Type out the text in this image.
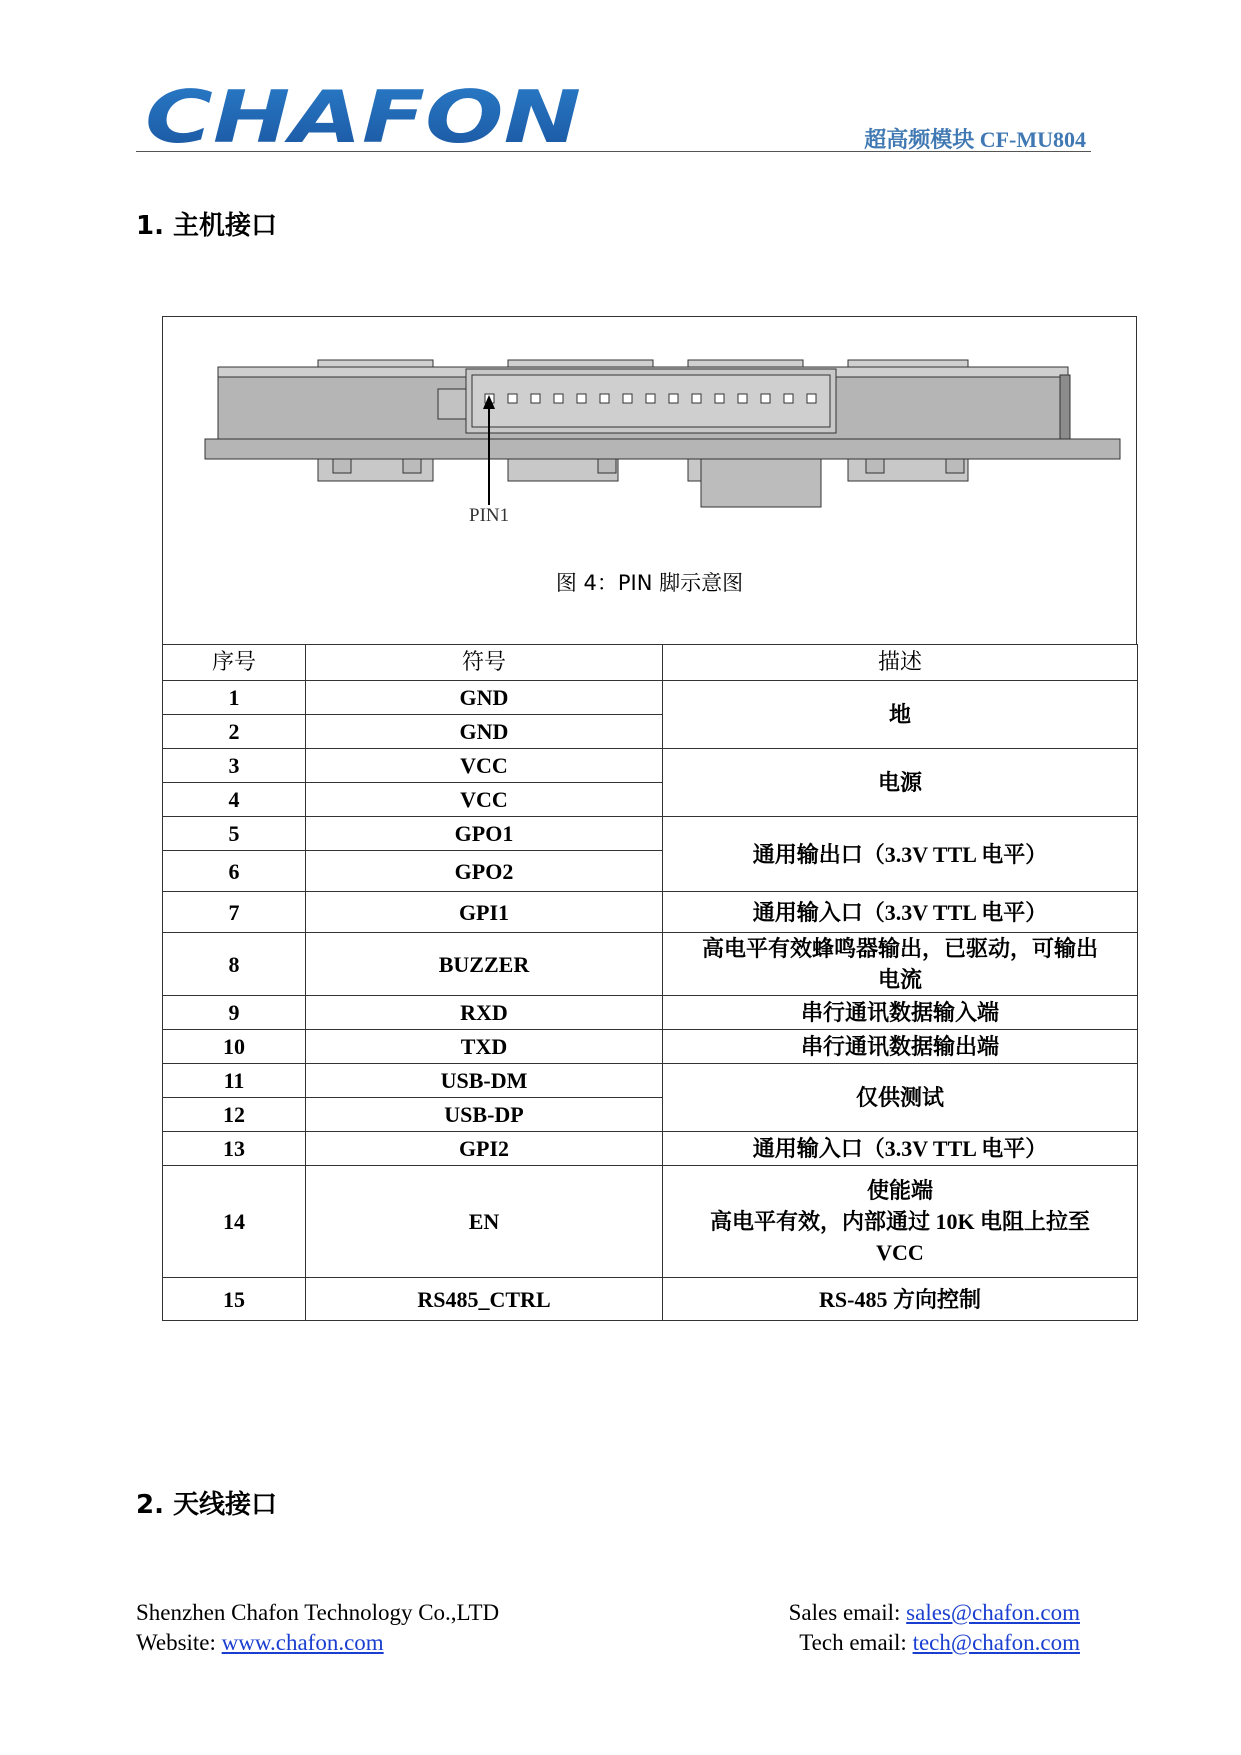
CHAFON	超高频模块 CF-MU804
1. 主机接口
PIN1
图 4：PIN 脚示意图
序号	符号	描述
1	GND	地
2	GND	
3	VCC	电源
4	VCC	
5	GPO1	通用输出口（3.3V TTL 电平）
6	GPO2	
7	GPI1	通用输入口（3.3V TTL 电平）
8	BUZZER	高电平有效蜂鸣器输出，已驱动，可输出
电流

9	RXD	串行通讯数据输入端
10	TXD	串行通讯数据输出端
11	USB-DM	仅供测试
12	USB-DP	
13	GPI2	通用输入口（3.3V TTL 电平）
14	EN	使能端
高电平有效，内部通过 10K 电阻上拉至
VCC

15	RS485_CTRL	RS-485 方向控制
2. 天线接口
Shenzhen Chafon Technology Co.,LTD
Website: www.chafon.com
Sales email: sales@chafon.com
Tech email: tech@chafon.com
